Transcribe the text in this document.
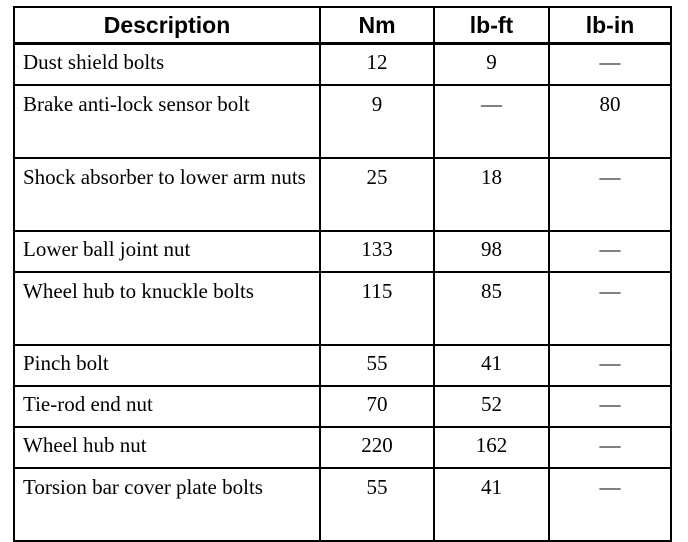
Description	Nm	lb-ft	lb-in
Dust shield bolts	12	9	—
Brake anti-lock sensor bolt	9	—	80
Shock absorber to lower arm nuts	25	18	—
Lower ball joint nut	133	98	—
Wheel hub to knuckle bolts	115	85	—
Pinch bolt	55	41	—
Tie-rod end nut	70	52	—
Wheel hub nut	220	162	—
Torsion bar cover plate bolts	55	41	—
